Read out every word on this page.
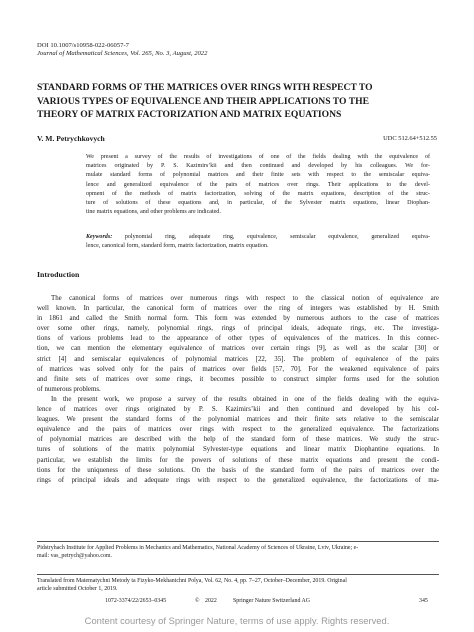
DOI 10.1007/s10958-022-06057-7
Journal of Mathematical Sciences, Vol. 265, No. 3, August, 2022
STANDARD FORMS OF THE MATRICES OVER RINGS WITH RESPECT TO
VARIOUS TYPES OF EQUIVALENCE AND THEIR APPLICATIONS TO THE
THEORY OF MATRIX FACTORIZATION AND MATRIX EQUATIONS
V. M. Petrychkovych	UDC 512.64+512.55
We present a survey of the results of investigations of one of the fields dealing with the equivalence of
matrices originated by P. S. Kazimirs’kii and then continued and developed by his colleagues. We for-
mulate standard forms of polynomial matrices and their finite sets with respect to the semiscalar equiva-
lence and generalized equivalence of the pairs of matrices over rings. Their applications to the devel-
opment of the methods of matrix factorization, solving of the matrix equations, description of the struc-
ture of solutions of these equations and, in particular, of the Sylvester matrix equations, linear Diophan-
tine matrix equations, and other problems are indicated.
Keywords: polynomial ring, adequate ring, equivalence, semiscalar equivalence, generalized equiva-
lence, canonical form, standard form, matrix factorization, matrix equation.
Introduction
The canonical forms of matrices over numerous rings with respect to the classical notion of equivalence are
well known. In particular, the canonical form of matrices over the ring of integers was established by H. Smith
in 1861 and called the Smith normal form. This form was extended by numerous authors to the case of matrices
over some other rings, namely, polynomial rings, rings of principal ideals, adequate rings, etc. The investiga-
tions of various problems lead to the appearance of other types of equivalences of the matrices. In this connec-
tion, we can mention the elementary equivalence of matrices over certain rings [9], as well as the scalar [30] or
strict [4] and semiscalar equivalences of polynomial matrices [22, 35]. The problem of equivalence of the pairs
of matrices was solved only for the pairs of matrices over fields [57, 70]. For the weakened equivalence of pairs
and finite sets of matrices over some rings, it becomes possible to construct simpler forms used for the solution
of numerous problems.
In the present work, we propose a survey of the results obtained in one of the fields dealing with the equiva-
lence of matrices over rings originated by P. S. Kazimirs’kii and then continued and developed by his col-
leagues. We present the standard forms of the polynomial matrices and their finite sets relative to the semiscalar
equivalence and the pairs of matrices over rings with respect to the generalized equivalence. The factorizations
of polynomial matrices are described with the help of the standard form of these matrices. We study the struc-
tures of solutions of the matrix polynomial Sylvester-type equations and linear matrix Diophantine equations. In
particular, we establish the limits for the powers of solutions of these matrix equations and present the condi-
tions for the uniqueness of these solutions. On the basis of the standard form of the pairs of matrices over the
rings of principal ideals and adequate rings with respect to the generalized equivalence, the factorizations of ma-
Pidstryhach Institute for Applied Problems in Mechanics and Mathematics, National Academy of Sciences of Ukraine, Lviv, Ukraine; e-
mail: vas_petrych@yahoo.com.
Translated from Matematychni Metody ta Fizyko-Mekhanichni Polya, Vol. 62, No. 4, pp. 7–27, October–December, 2019. Original
article submitted October 1, 2019.
1072-3374/22/2653–0345	© 2022	Springer Nature Switzerland AG	345
Content courtesy of Springer Nature, terms of use apply. Rights reserved.
